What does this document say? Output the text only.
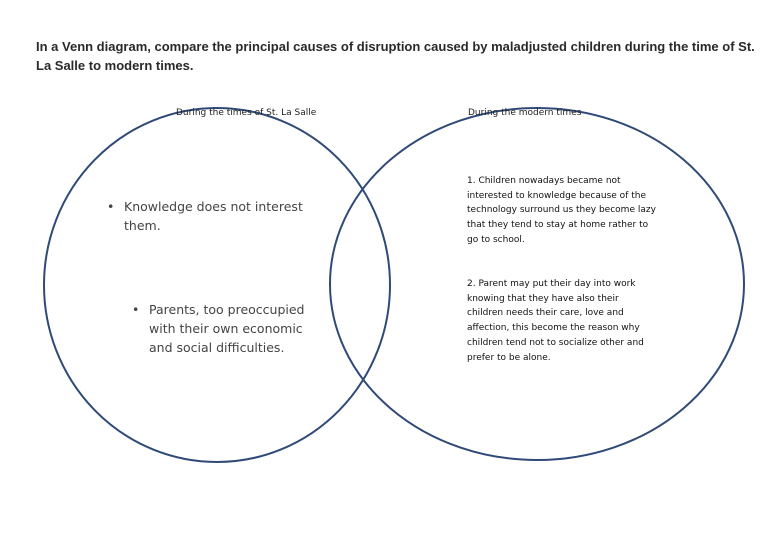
In a Venn diagram, compare the principal causes of disruption caused by maladjusted children during the time of St. La Salle to modern times.
During the times of St. La Salle	During the modern times
• Knowledge does not interest them.
• Parents, too preoccupied with their own economic and social difficulties.
1. Children nowadays became not interested to knowledge because of the technology surround us they become lazy that they tend to stay at home rather to go to school.
2. Parent may put their day into work knowing that they have also their children needs their care, love and affection, this become the reason why children tend not to socialize other and prefer to be alone.
